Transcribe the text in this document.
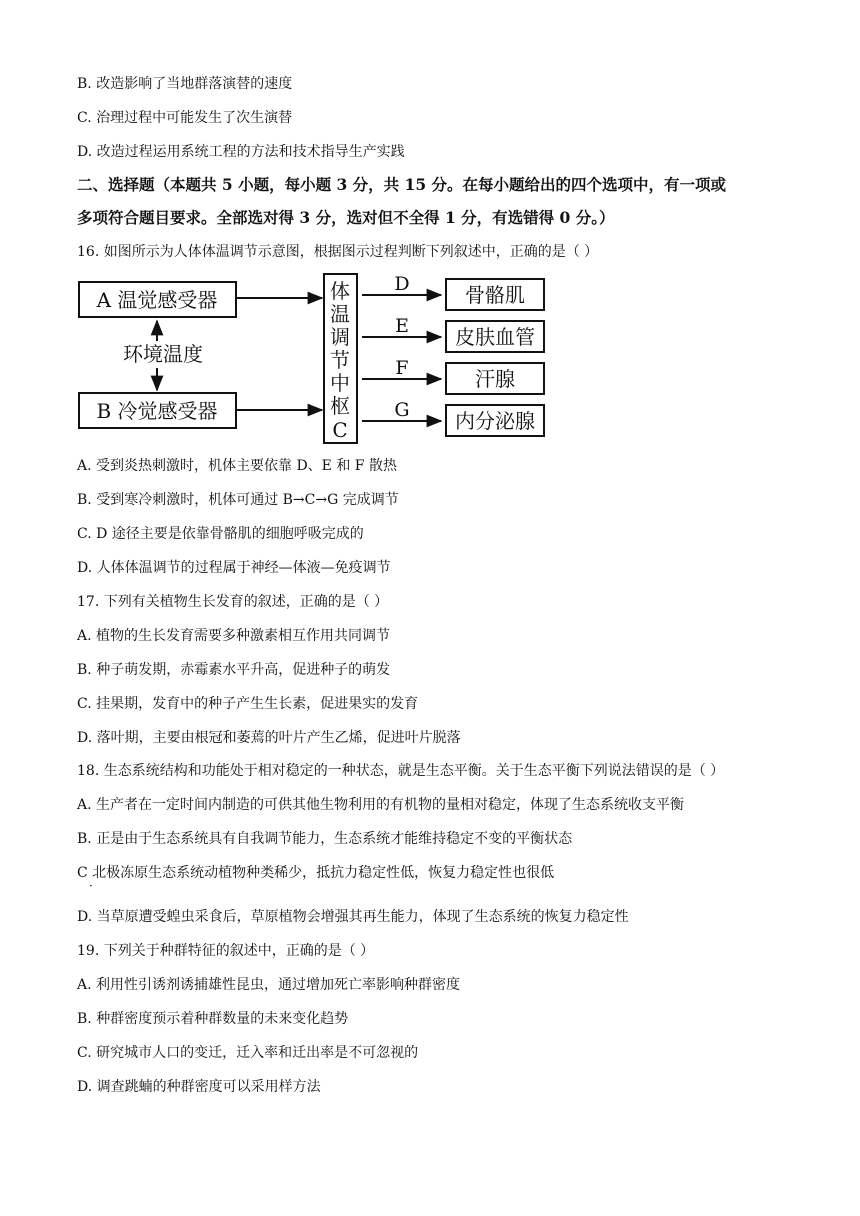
B. 改造影响了当地群落演替的速度
C. 治理过程中可能发生了次生演替
D. 改造过程运用系统工程的方法和技术指导生产实践
二、选择题（本题共 5 小题，每小题 3 分，共 15 分。在每小题给出的四个选项中，有一项或
多项符合题目要求。全部选对得 3 分，选对但不全得 1 分，有选错得 0 分。）
16. 如图所示为人体体温调节示意图，根据图示过程判断下列叙述中，正确的是（ ）
A 温觉感受器
B 冷觉感受器
环境温度
体
温
调
节
中
枢
C
D	骨骼肌
E 皮肤血管
F	汗腺
G 内分泌腺
A. 受到炎热刺激时，机体主要依靠 D、E 和 F 散热
B. 受到寒冷刺激时，机体可通过 B→C→G 完成调节
C. D 途径主要是依靠骨骼肌的细胞呼吸完成的
D. 人体体温调节的过程属于神经—体液—免疫调节
17. 下列有关植物生长发育的叙述，正确的是（ ）
A. 植物的生长发育需要多种激素相互作用共同调节
B. 种子萌发期，赤霉素水平升高，促进种子的萌发
C. 挂果期，发育中的种子产生生长素，促进果实的发育
D. 落叶期，主要由根冠和萎蔫的叶片产生乙烯，促进叶片脱落
18. 生态系统结构和功能处于相对稳定的一种状态，就是生态平衡。关于生态平衡下列说法错误的是（ ）
A. 生产者在一定时间内制造的可供其他生物利用的有机物的量相对稳定，体现了生态系统收支平衡
B. 正是由于生态系统具有自我调节能力，生态系统才能维持稳定不变的平衡状态
C 北极冻原生态系统动植物种类稀少，抵抗力稳定性低，恢复力稳定性也很低
·
D. 当草原遭受蝗虫采食后，草原植物会增强其再生能力，体现了生态系统的恢复力稳定性
19. 下列关于种群特征的叙述中，正确的是（ ）
A. 利用性引诱剂诱捕雄性昆虫，通过增加死亡率影响种群密度
B. 种群密度预示着种群数量的未来变化趋势
C. 研究城市人口的变迁，迁入率和迁出率是不可忽视的
D. 调查跳蝻的种群密度可以采用样方法
